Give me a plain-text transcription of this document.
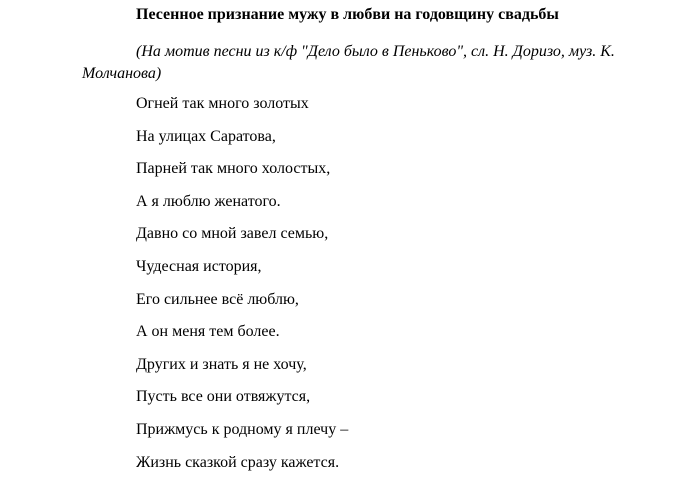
Песенное признание мужу в любви на годовщину свадьбы
(На мотив песни из к/ф "Дело было в Пеньково", сл. Н. Доризо, муз. К. Молчанова)
Огней так много золотых
На улицах Саратова,
Парней так много холостых,
А я люблю женатого.
Давно со мной завел семью,
Чудесная история,
Его сильнее всё люблю,
А он меня тем более.
Других и знать я не хочу,
Пусть все они отвяжутся,
Прижмусь к родному я плечу –
Жизнь сказкой сразу кажется.
